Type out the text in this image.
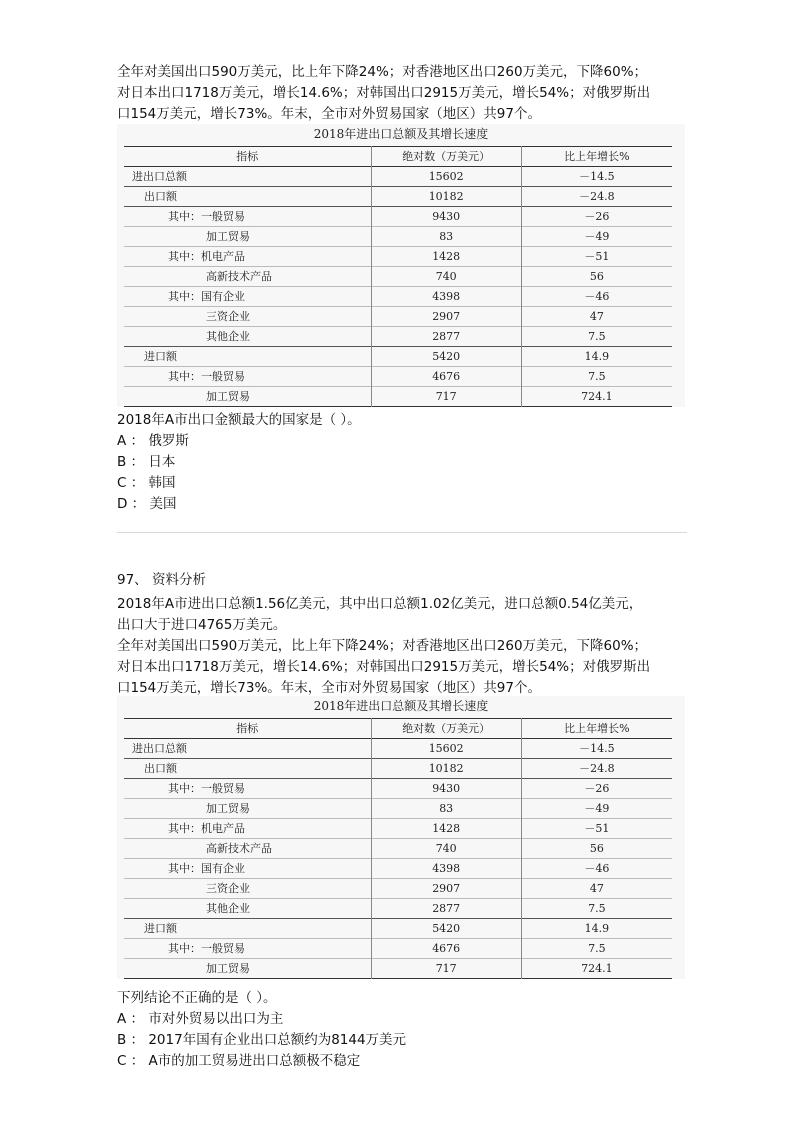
全年对美国出口590万美元，比上年下降24%；对香港地区出口260万美元，下降60%；

对日本出口1718万美元，增长14.6%；对韩国出口2915万美元，增长54%；对俄罗斯出

口154万美元，增长73%。年末，全市对外贸易国家（地区）共97个。

2018年进出口总额及其增长速度
指标	绝对数（万美元）	比上年增长%
进出口总额	15602	－14.5
出口额	10182	－24.8
其中：一般贸易	9430	－26
加工贸易	83	－49
其中：机电产品	1428	－51
高新技术产品	740	56
其中：国有企业	4398	－46
三资企业	2907	47
其他企业	2877	7.5
进口额	5420	14.9
其中：一般贸易	4676	7.5
加工贸易	717	724.1

2018年A市出口金额最大的国家是（ ）。

A ： 俄罗斯

B ： 日本

C ： 韩国

D ： 美国

97、 资料分析

2018年A市进出口总额1.56亿美元，其中出口总额1.02亿美元，进口总额0.54亿美元，

出口大于进口4765万美元。

全年对美国出口590万美元，比上年下降24%；对香港地区出口260万美元，下降60%；

对日本出口1718万美元，增长14.6%；对韩国出口2915万美元，增长54%；对俄罗斯出

口154万美元，增长73%。年末，全市对外贸易国家（地区）共97个。

2018年进出口总额及其增长速度
指标	绝对数（万美元）	比上年增长%
进出口总额	15602	－14.5
出口额	10182	－24.8
其中：一般贸易	9430	－26
加工贸易	83	－49
其中：机电产品	1428	－51
高新技术产品	740	56
其中：国有企业	4398	－46
三资企业	2907	47
其他企业	2877	7.5
进口额	5420	14.9
其中：一般贸易	4676	7.5
加工贸易	717	724.1

下列结论不正确的是（ ）。

A ： 市对外贸易以出口为主

B ： 2017年国有企业出口总额约为8144万美元

C ： A市的加工贸易进出口总额极不稳定
